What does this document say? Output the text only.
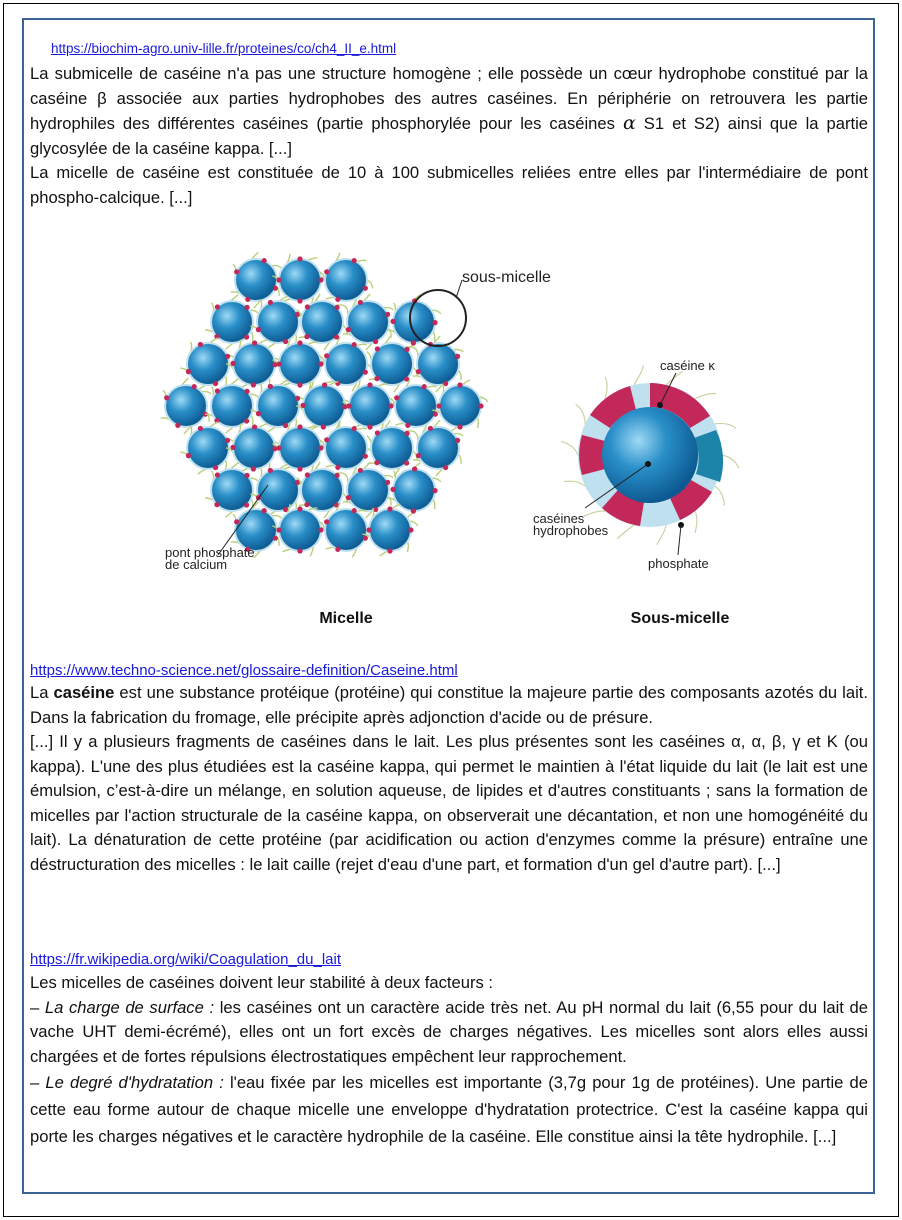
https://biochim-agro.univ-lille.fr/proteines/co/ch4_II_e.html

La submicelle de caséine n'a pas une structure homogène ; elle possède un cœur hydrophobe constitué par la caséine β associée aux parties hydrophobes des autres caséines. En périphérie on retrouvera les partie hydrophiles des différentes caséines (partie phosphorylée pour les caséines α S1 et S2) ainsi que la partie glycosylée de la caséine kappa. [...]

La micelle de caséine est constituée de 10 à 100 submicelles reliées entre elles par l'intermédiaire de pont phospho-calcique. [...]

sous-micelle
pont phosphate
de calcium
caséine κ
caséines
hydrophobes
phosphate
Micelle	Sous-micelle
https://www.techno-science.net/glossaire-definition/Caseine.html

La caséine est une substance protéique (protéine) qui constitue la majeure partie des composants azotés du lait. Dans la fabrication du fromage, elle précipite après adjonction d'acide ou de présure.

[...] Il y a plusieurs fragments de caséines dans le lait. Les plus présentes sont les caséines α, α, β, γ et K (ou kappa). L'une des plus étudiées est la caséine kappa, qui permet le maintien à l'état liquide du lait (le lait est une émulsion, c’est-à-dire un mélange, en solution aqueuse, de lipides et d'autres constituants ; sans la formation de micelles par l'action structurale de la caséine kappa, on observerait une décantation, et non une homogénéité du lait). La dénaturation de cette protéine (par acidification ou action d'enzymes comme la présure) entraîne une déstructuration des micelles : le lait caille (rejet d'eau d'une part, et formation d'un gel d'autre part). [...]

https://fr.wikipedia.org/wiki/Coagulation_du_lait

Les micelles de caséines doivent leur stabilité à deux facteurs :

– La charge de surface : les caséines ont un caractère acide très net. Au pH normal du lait (6,55 pour du lait de vache UHT demi-écrémé), elles ont un fort excès de charges négatives. Les micelles sont alors elles aussi chargées et de fortes répulsions électrostatiques empêchent leur rapprochement.

– Le degré d'hydratation : l'eau fixée par les micelles est importante (3,7g pour 1g de protéines). Une partie de cette eau forme autour de chaque micelle une enveloppe d'hydratation protectrice. C'est la caséine kappa qui porte les charges négatives et le caractère hydrophile de la caséine. Elle constitue ainsi la tête hydrophile. [...]
